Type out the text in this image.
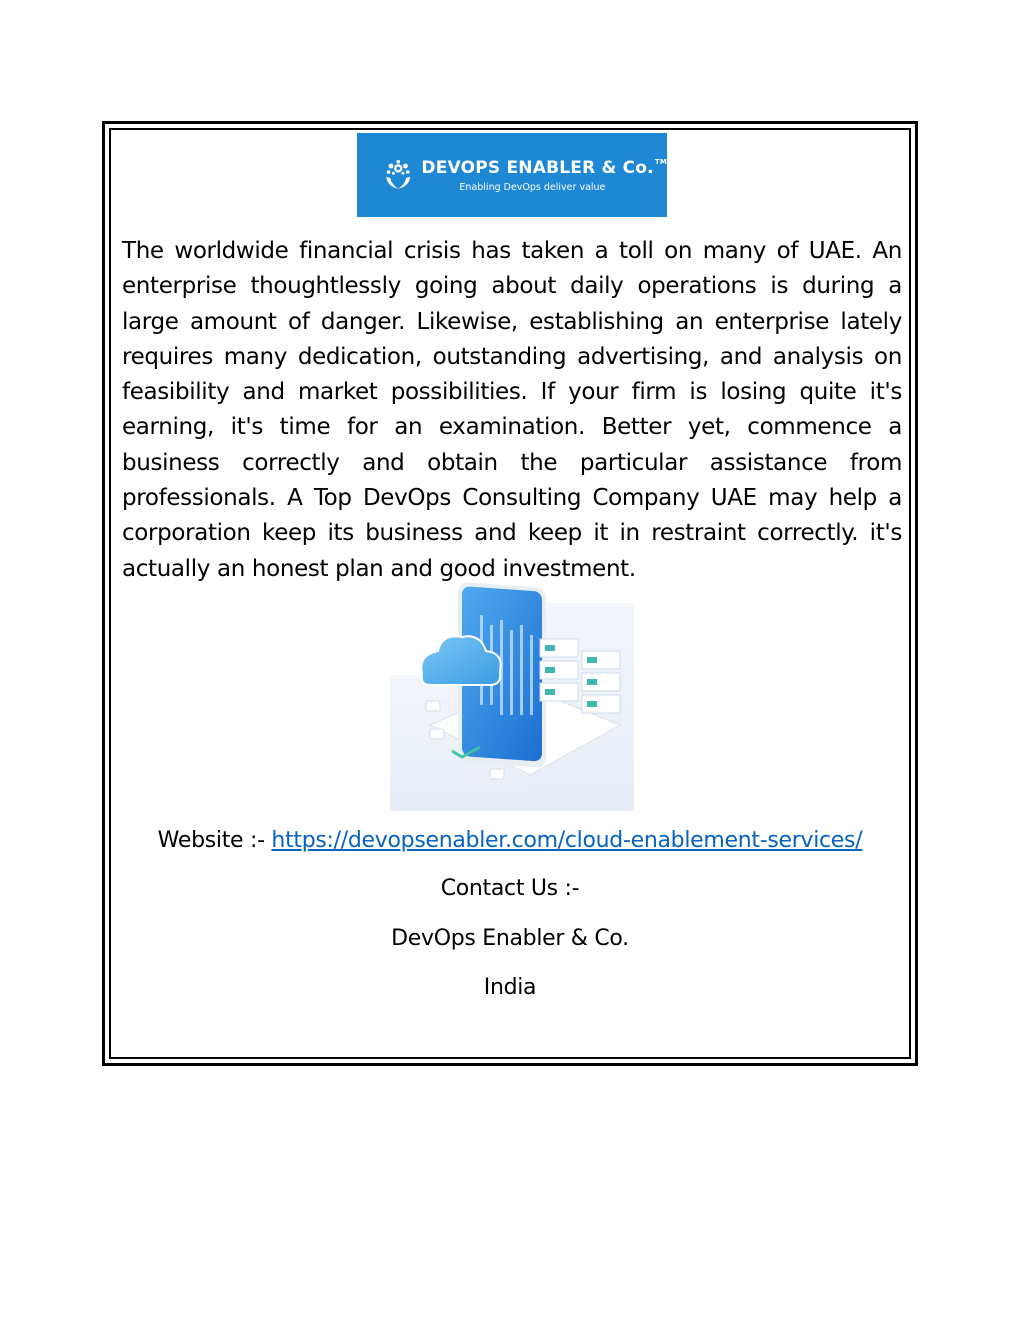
DEVOPS ENABLER & Co.™
Enabling DevOps deliver value

The worldwide financial crisis has taken a toll on many of UAE. An enterprise thoughtlessly going about daily operations is during a large amount of danger. Likewise, establishing an enterprise lately requires many dedication, outstanding advertising, and analysis on feasibility and market possibilities. If your firm is losing quite it's earning, it's time for an examination. Better yet, commence a business correctly and obtain the particular assistance from professionals. A Top DevOps Consulting Company UAE may help a corporation keep its business and keep it in restraint correctly. it's actually an honest plan and good investment.

Website :- https://devopsenabler.com/cloud-enablement-services/

Contact Us :-

DevOps Enabler & Co.

India
